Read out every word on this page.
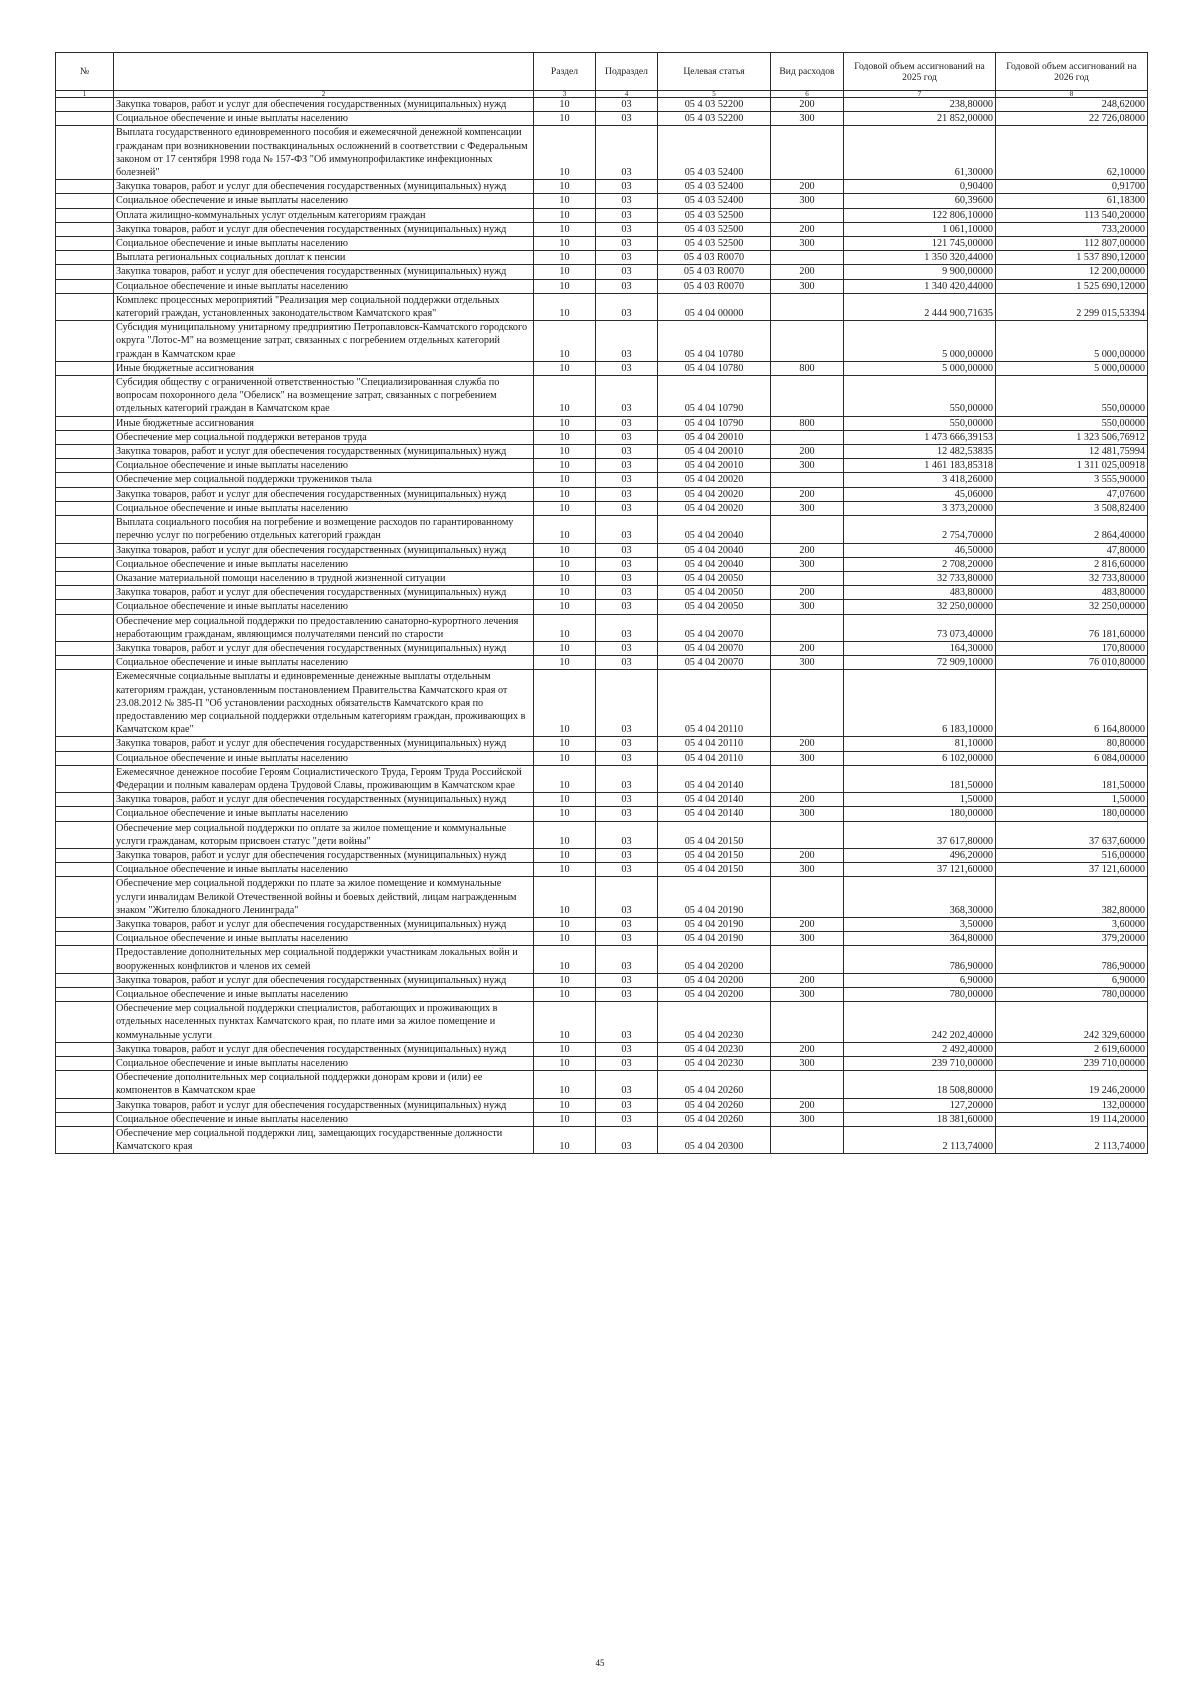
№		Раздел	Подраздел	Целевая статья	Вид расходов	Годовой объем ассигнований на 2025 год	Годовой объем ассигнований на 2026 год
1	2	3	4	5	6	7	8
	Закупка товаров, работ и услуг для обеспечения государственных (муниципальных) нужд	10	03	05 4 03 52200	200	238,80000	248,62000
	Социальное обеспечение и иные выплаты населению	10	03	05 4 03 52200	300	21 852,00000	22 726,08000
	Выплата государственного единовременного пособия и ежемесячной денежной компенсации гражданам при возникновении поствакцинальных осложнений в соответствии с Федеральным законом от 17 сентября 1998 года № 157-ФЗ "Об иммунопрофилактике инфекционных болезней"	10	03	05 4 03 52400		61,30000	62,10000
	Закупка товаров, работ и услуг для обеспечения государственных (муниципальных) нужд	10	03	05 4 03 52400	200	0,90400	0,91700
	Социальное обеспечение и иные выплаты населению	10	03	05 4 03 52400	300	60,39600	61,18300
	Оплата жилищно-коммунальных услуг отдельным категориям граждан	10	03	05 4 03 52500		122 806,10000	113 540,20000
	Закупка товаров, работ и услуг для обеспечения государственных (муниципальных) нужд	10	03	05 4 03 52500	200	1 061,10000	733,20000
	Социальное обеспечение и иные выплаты населению	10	03	05 4 03 52500	300	121 745,00000	112 807,00000
	Выплата региональных социальных доплат к пенсии	10	03	05 4 03 R0070		1 350 320,44000	1 537 890,12000
	Закупка товаров, работ и услуг для обеспечения государственных (муниципальных) нужд	10	03	05 4 03 R0070	200	9 900,00000	12 200,00000
	Социальное обеспечение и иные выплаты населению	10	03	05 4 03 R0070	300	1 340 420,44000	1 525 690,12000
	Комплекс процессных мероприятий "Реализация мер социальной поддержки отдельных категорий граждан, установленных законодательством Камчатского края"	10	03	05 4 04 00000		2 444 900,71635	2 299 015,53394
	Субсидия муниципальному унитарному предприятию Петропавловск-Камчатского городского округа "Лотос-М" на возмещение затрат, связанных с погребением отдельных категорий граждан в Камчатском крае	10	03	05 4 04 10780		5 000,00000	5 000,00000
	Иные бюджетные ассигнования	10	03	05 4 04 10780	800	5 000,00000	5 000,00000
	Субсидия обществу с ограниченной ответственностью "Специализированная служба по вопросам похоронного дела "Обелиск" на возмещение затрат, связанных с погребением отдельных категорий граждан в Камчатском крае	10	03	05 4 04 10790		550,00000	550,00000
	Иные бюджетные ассигнования	10	03	05 4 04 10790	800	550,00000	550,00000
	Обеспечение мер социальной поддержки ветеранов труда	10	03	05 4 04 20010		1 473 666,39153	1 323 506,76912
	Закупка товаров, работ и услуг для обеспечения государственных (муниципальных) нужд	10	03	05 4 04 20010	200	12 482,53835	12 481,75994
	Социальное обеспечение и иные выплаты населению	10	03	05 4 04 20010	300	1 461 183,85318	1 311 025,00918
	Обеспечение мер социальной поддержки тружеников тыла	10	03	05 4 04 20020		3 418,26000	3 555,90000
	Закупка товаров, работ и услуг для обеспечения государственных (муниципальных) нужд	10	03	05 4 04 20020	200	45,06000	47,07600
	Социальное обеспечение и иные выплаты населению	10	03	05 4 04 20020	300	3 373,20000	3 508,82400
	Выплата социального пособия на погребение и возмещение расходов по гарантированному перечню услуг по погребению отдельных категорий граждан	10	03	05 4 04 20040		2 754,70000	2 864,40000
	Закупка товаров, работ и услуг для обеспечения государственных (муниципальных) нужд	10	03	05 4 04 20040	200	46,50000	47,80000
	Социальное обеспечение и иные выплаты населению	10	03	05 4 04 20040	300	2 708,20000	2 816,60000
	Оказание материальной помощи населению в трудной жизненной ситуации	10	03	05 4 04 20050		32 733,80000	32 733,80000
	Закупка товаров, работ и услуг для обеспечения государственных (муниципальных) нужд	10	03	05 4 04 20050	200	483,80000	483,80000
	Социальное обеспечение и иные выплаты населению	10	03	05 4 04 20050	300	32 250,00000	32 250,00000
	Обеспечение мер социальной поддержки по предоставлению санаторно-курортного лечения неработающим гражданам, являющимся получателями пенсий по старости	10	03	05 4 04 20070		73 073,40000	76 181,60000
	Закупка товаров, работ и услуг для обеспечения государственных (муниципальных) нужд	10	03	05 4 04 20070	200	164,30000	170,80000
	Социальное обеспечение и иные выплаты населению	10	03	05 4 04 20070	300	72 909,10000	76 010,80000
	Ежемесячные социальные выплаты и единовременные денежные выплаты отдельным категориям граждан, установленным постановлением Правительства Камчатского края от 23.08.2012 № 385-П "Об установлении расходных обязательств Камчатского края по предоставлению мер социальной поддержки отдельным категориям граждан, проживающих в Камчатском крае"	10	03	05 4 04 20110		6 183,10000	6 164,80000
	Закупка товаров, работ и услуг для обеспечения государственных (муниципальных) нужд	10	03	05 4 04 20110	200	81,10000	80,80000
	Социальное обеспечение и иные выплаты населению	10	03	05 4 04 20110	300	6 102,00000	6 084,00000
	Ежемесячное денежное пособие Героям Социалистического Труда, Героям Труда Российской Федерации и полным кавалерам ордена Трудовой Славы, проживающим в Камчатском крае	10	03	05 4 04 20140		181,50000	181,50000
	Закупка товаров, работ и услуг для обеспечения государственных (муниципальных) нужд	10	03	05 4 04 20140	200	1,50000	1,50000
	Социальное обеспечение и иные выплаты населению	10	03	05 4 04 20140	300	180,00000	180,00000
	Обеспечение мер социальной поддержки по оплате за жилое помещение и коммунальные услуги гражданам, которым присвоен статус "дети войны"	10	03	05 4 04 20150		37 617,80000	37 637,60000
	Закупка товаров, работ и услуг для обеспечения государственных (муниципальных) нужд	10	03	05 4 04 20150	200	496,20000	516,00000
	Социальное обеспечение и иные выплаты населению	10	03	05 4 04 20150	300	37 121,60000	37 121,60000
	Обеспечение мер социальной поддержки по плате за жилое помещение и коммунальные услуги инвалидам Великой Отечественной войны и боевых действий, лицам награжденным знаком "Жителю блокадного Ленинграда"	10	03	05 4 04 20190		368,30000	382,80000
	Закупка товаров, работ и услуг для обеспечения государственных (муниципальных) нужд	10	03	05 4 04 20190	200	3,50000	3,60000
	Социальное обеспечение и иные выплаты населению	10	03	05 4 04 20190	300	364,80000	379,20000
	Предоставление дополнительных мер социальной поддержки участникам локальных войн и вооруженных конфликтов и членов их семей	10	03	05 4 04 20200		786,90000	786,90000
	Закупка товаров, работ и услуг для обеспечения государственных (муниципальных) нужд	10	03	05 4 04 20200	200	6,90000	6,90000
	Социальное обеспечение и иные выплаты населению	10	03	05 4 04 20200	300	780,00000	780,00000
	Обеспечение мер социальной поддержки специалистов, работающих и проживающих в отдельных населенных пунктах Камчатского края, по плате ими за жилое помещение и коммунальные услуги	10	03	05 4 04 20230		242 202,40000	242 329,60000
	Закупка товаров, работ и услуг для обеспечения государственных (муниципальных) нужд	10	03	05 4 04 20230	200	2 492,40000	2 619,60000
	Социальное обеспечение и иные выплаты населению	10	03	05 4 04 20230	300	239 710,00000	239 710,00000
	Обеспечение дополнительных мер социальной поддержки донорам крови и (или) ее компонентов в Камчатском крае	10	03	05 4 04 20260		18 508,80000	19 246,20000
	Закупка товаров, работ и услуг для обеспечения государственных (муниципальных) нужд	10	03	05 4 04 20260	200	127,20000	132,00000
	Социальное обеспечение и иные выплаты населению	10	03	05 4 04 20260	300	18 381,60000	19 114,20000
	Обеспечение мер социальной поддержки лиц, замещающих государственные должности Камчатского края	10	03	05 4 04 20300		2 113,74000	2 113,74000
45
